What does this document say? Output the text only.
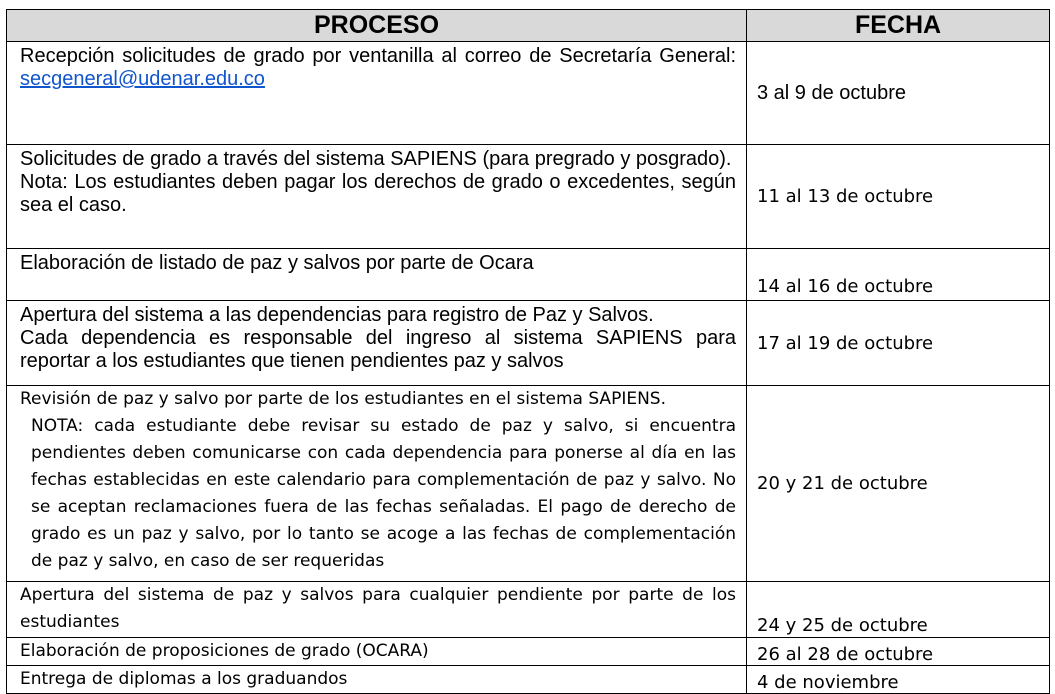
PROCESO	FECHA
Recepción solicitudes de grado por ventanilla al correo de Secretaría General: secgeneral@udenar.edu.co	3 al 9 de octubre

Solicitudes de grado a través del sistema SAPIENS (para pregrado y posgrado).
Nota: Los estudiantes deben pagar los derechos de grado o excedentes, según sea el caso.	11 al 13 de octubre
Elaboración de listado de paz y salvos por parte de Ocara	14 al 16 de octubre

Apertura del sistema a las dependencias para registro de Paz y Salvos.
Cada dependencia es responsable del ingreso al sistema SAPIENS para reportar a los estudiantes que tienen pendientes paz y salvos	17 al 19 de octubre

Revisión de paz y salvo por parte de los estudiantes en el sistema SAPIENS.
NOTA: cada estudiante debe revisar su estado de paz y salvo, si encuentra pendientes deben comunicarse con cada dependencia para ponerse al día en las fechas establecidas en este calendario para complementación de paz y salvo. No se aceptan reclamaciones fuera de las fechas señaladas. El pago de derecho de grado es un paz y salvo, por lo tanto se acoge a las fechas de complementación de paz y salvo, en caso de ser requeridas	20 y 21 de octubre
Apertura del sistema de paz y salvos para cualquier pendiente por parte de los estudiantes	24 y 25 de octubre
Elaboración de proposiciones de grado (OCARA)	26 al 28 de octubre
Entrega de diplomas a los graduandos	4 de noviembre
